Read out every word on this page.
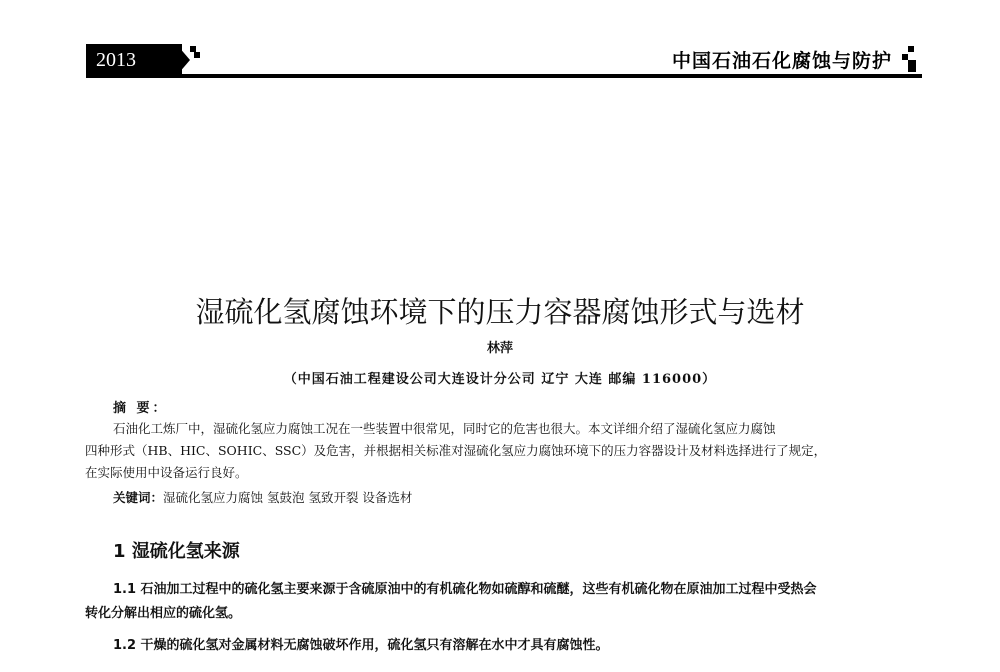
2013	中国石油石化腐蚀与防护
湿硫化氢腐蚀环境下的压力容器腐蚀形式与选材
林萍
（中国石油工程建设公司大连设计分公司 辽宁 大连 邮编 116000）
摘 要：
石油化工炼厂中，湿硫化氢应力腐蚀工况在一些装置中很常见，同时它的危害也很大。本文详细介绍了湿硫化氢应力腐蚀
四种形式（HB、HIC、SOHIC、SSC）及危害，并根据相关标准对湿硫化氢应力腐蚀环境下的压力容器设计及材料选择进行了规定，
在实际使用中设备运行良好。
关键词：湿硫化氢应力腐蚀 氢鼓泡 氢致开裂 设备选材
1 湿硫化氢来源
1.1 石油加工过程中的硫化氢主要来源于含硫原油中的有机硫化物如硫醇和硫醚，这些有机硫化物在原油加工过程中受热会
转化分解出相应的硫化氢。
1.2 干燥的硫化氢对金属材料无腐蚀破坏作用，硫化氢只有溶解在水中才具有腐蚀性。
